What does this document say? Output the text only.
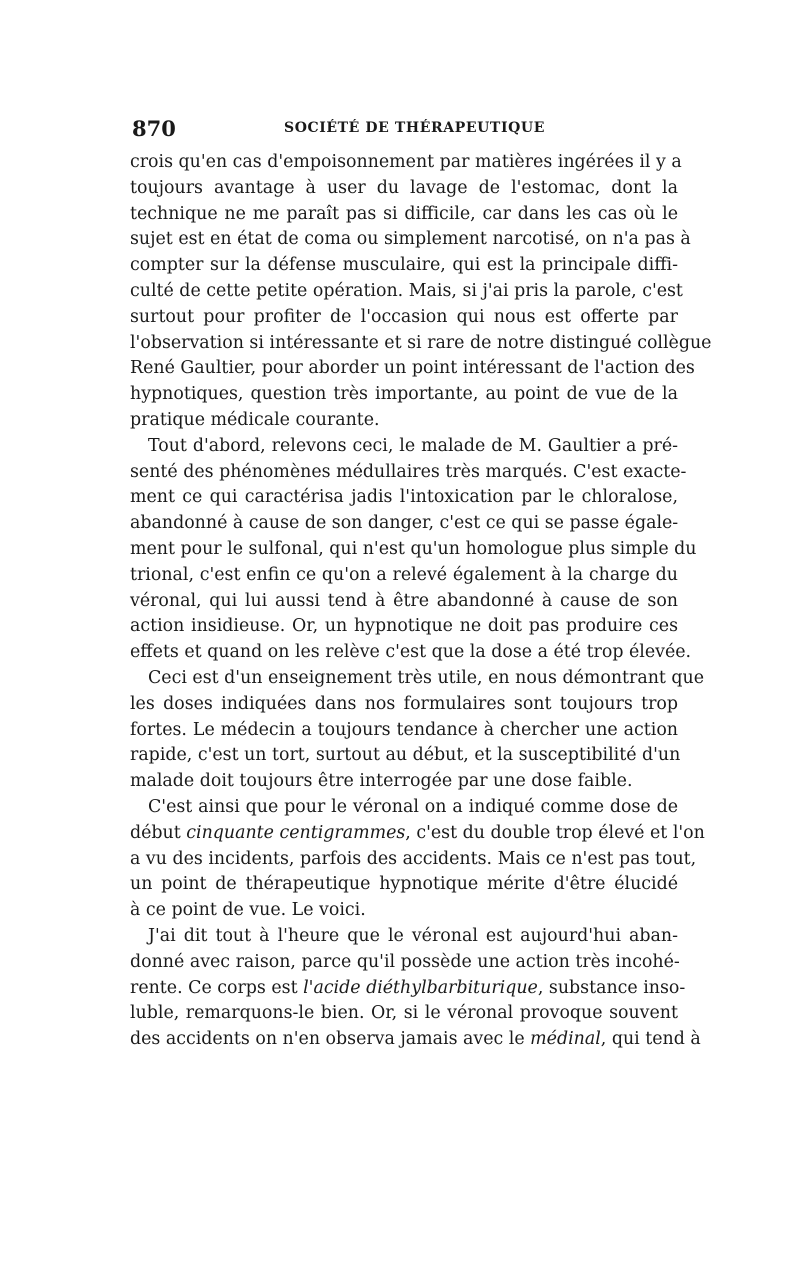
870	SOCIÉTÉ DE THÉRAPEUTIQUE
crois qu'en cas d'empoisonnement par matières ingérées il y a
toujours avantage à user du lavage de l'estomac, dont la
technique ne me paraît pas si difficile, car dans les cas où le
sujet est en état de coma ou simplement narcotisé, on n'a pas à
compter sur la défense musculaire, qui est la principale diffi-
culté de cette petite opération. Mais, si j'ai pris la parole, c'est
surtout pour profiter de l'occasion qui nous est offerte par
l'observation si intéressante et si rare de notre distingué collègue
René Gaultier, pour aborder un point intéressant de l'action des
hypnotiques, question très importante, au point de vue de la
pratique médicale courante.
Tout d'abord, relevons ceci, le malade de M. Gaultier a pré-
senté des phénomènes médullaires très marqués. C'est exacte-
ment ce qui caractérisa jadis l'intoxication par le chloralose,
abandonné à cause de son danger, c'est ce qui se passe égale-
ment pour le sulfonal, qui n'est qu'un homologue plus simple du
trional, c'est enfin ce qu'on a relevé également à la charge du
véronal, qui lui aussi tend à être abandonné à cause de son
action insidieuse. Or, un hypnotique ne doit pas produire ces
effets et quand on les relève c'est que la dose a été trop élevée.
Ceci est d'un enseignement très utile, en nous démontrant que
les doses indiquées dans nos formulaires sont toujours trop
fortes. Le médecin a toujours tendance à chercher une action
rapide, c'est un tort, surtout au début, et la susceptibilité d'un
malade doit toujours être interrogée par une dose faible.
C'est ainsi que pour le véronal on a indiqué comme dose de
début cinquante centigrammes, c'est du double trop élevé et l'on
a vu des incidents, parfois des accidents. Mais ce n'est pas tout,
un point de thérapeutique hypnotique mérite d'être élucidé
à ce point de vue. Le voici.
J'ai dit tout à l'heure que le véronal est aujourd'hui aban-
donné avec raison, parce qu'il possède une action très incohé-
rente. Ce corps est l'acide diéthylbarbiturique, substance inso-
luble, remarquons-le bien. Or, si le véronal provoque souvent
des accidents on n'en observa jamais avec le médinal, qui tend à
